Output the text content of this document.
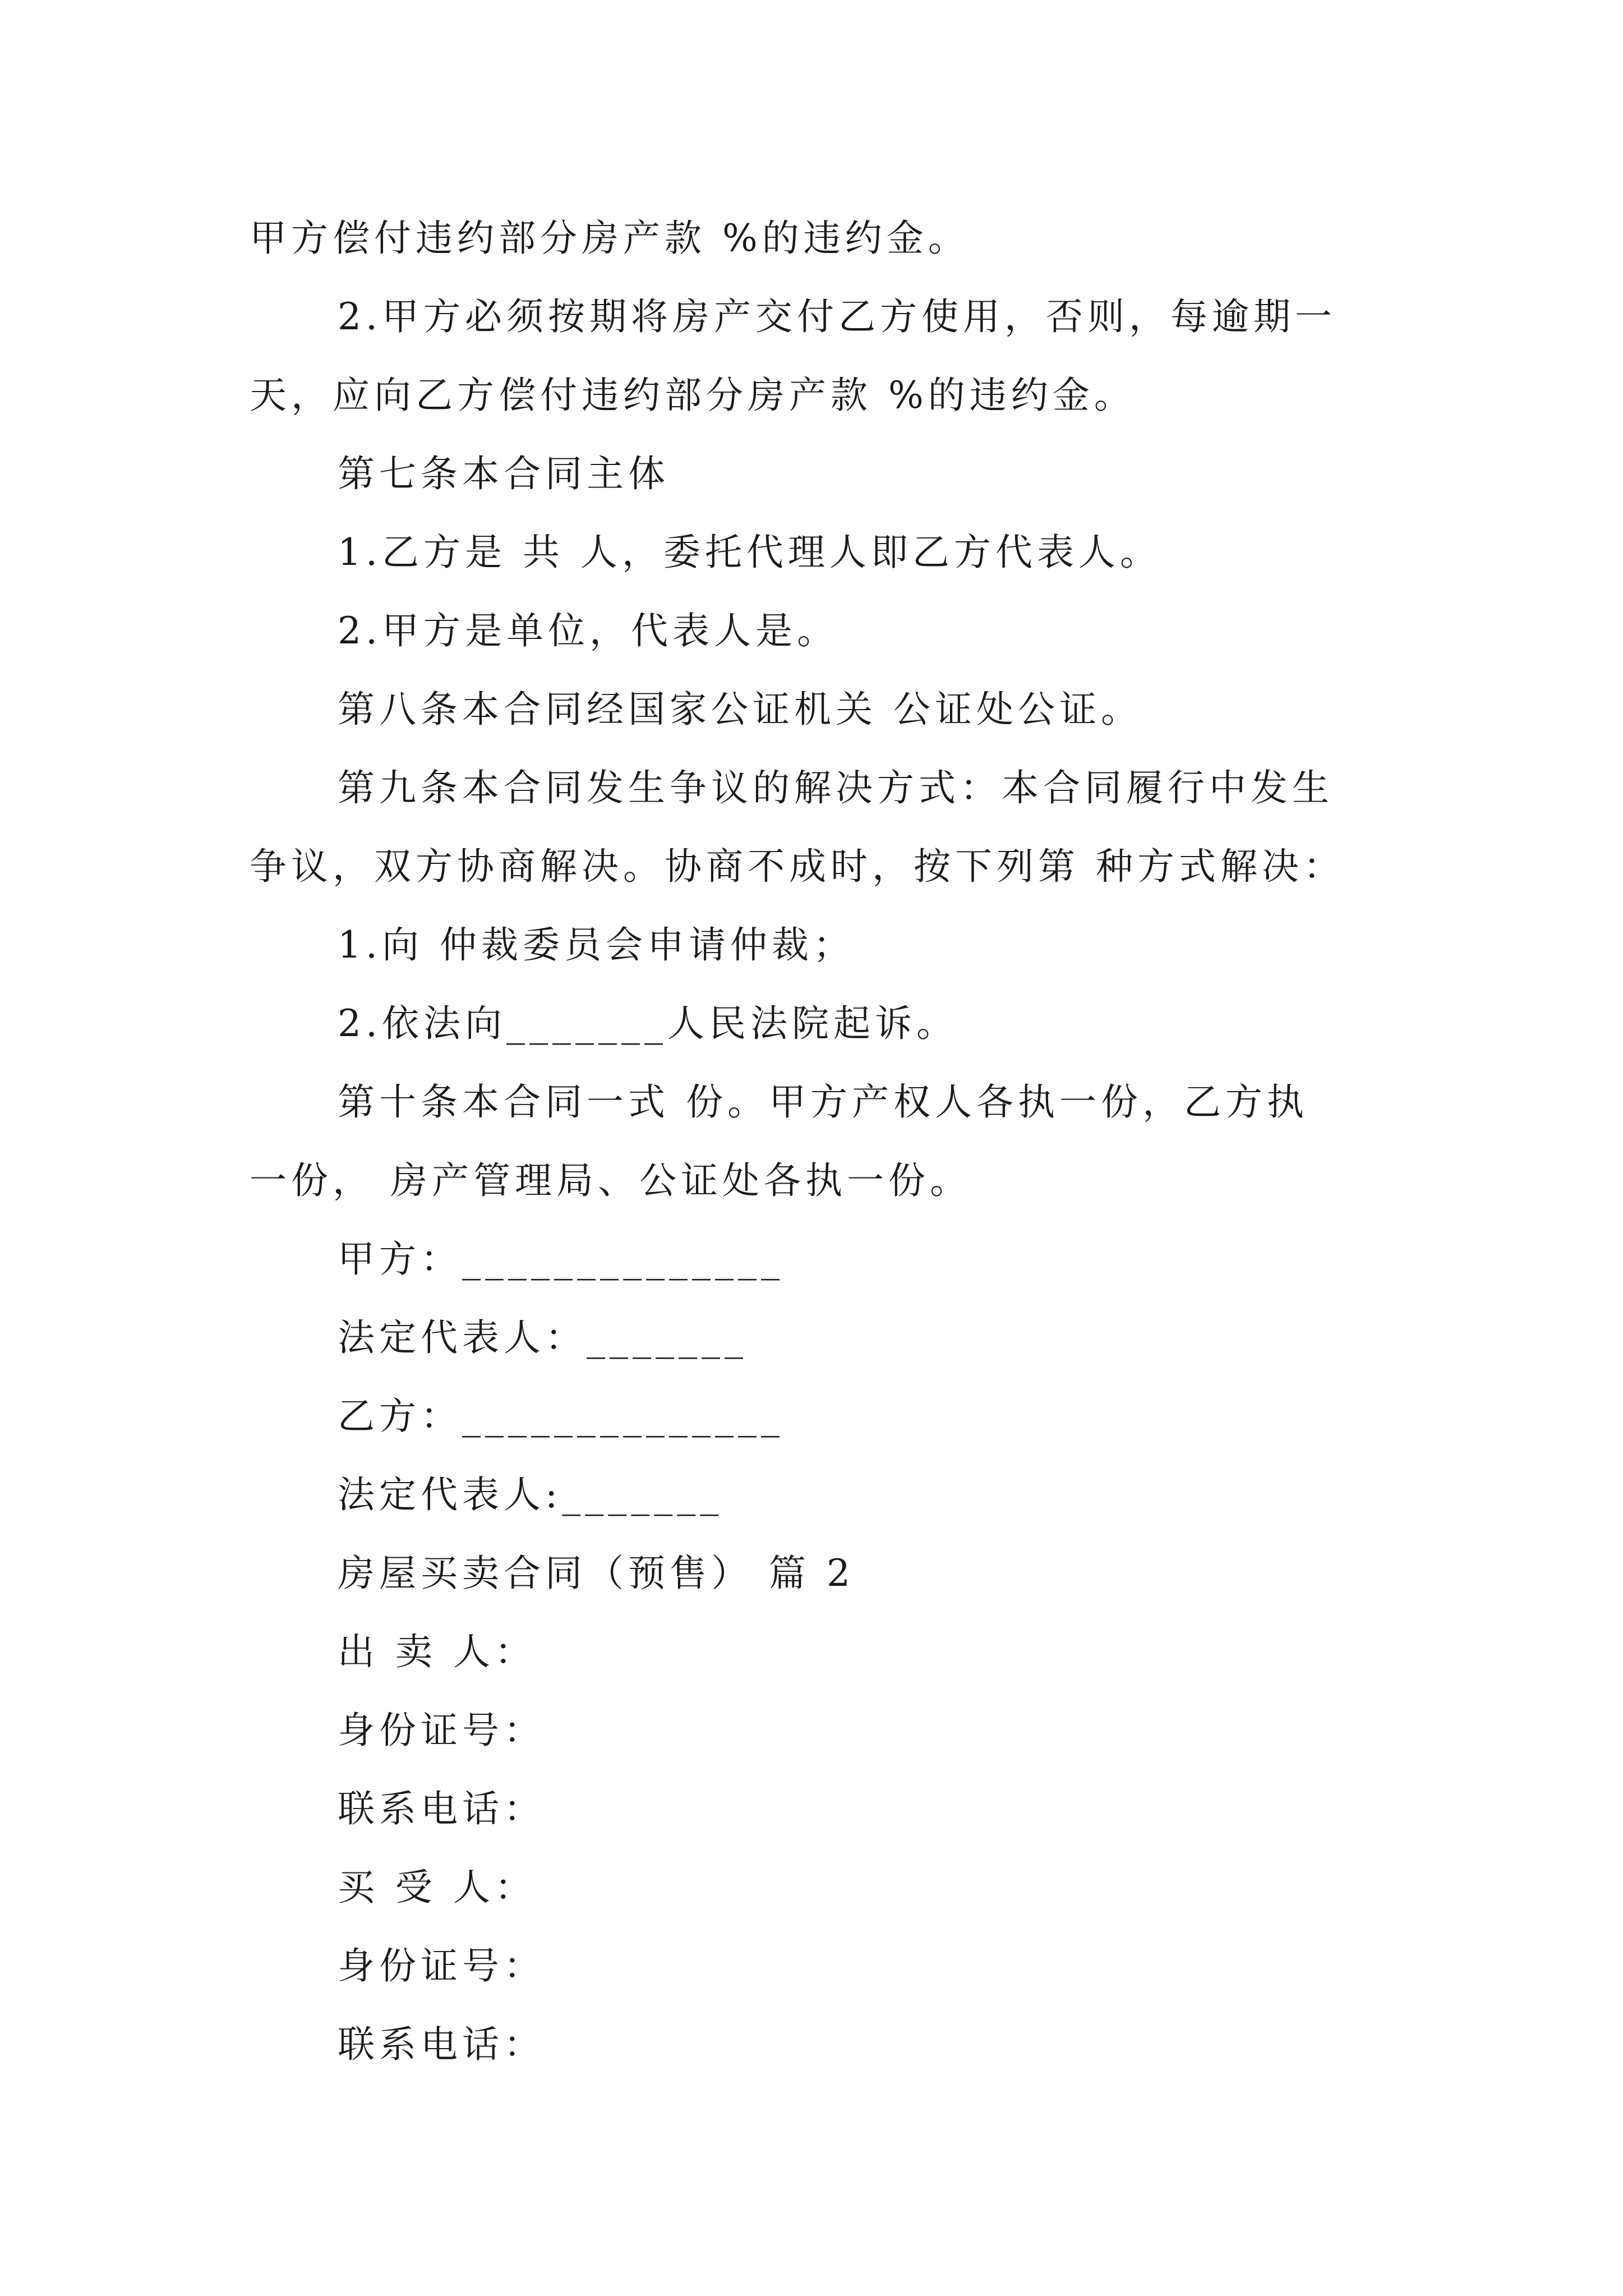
甲方偿付违约部分房产款 %的违约金。

2.甲方必须按期将房产交付乙方使用，否则，每逾期一

天，应向乙方偿付违约部分房产款 %的违约金。

第七条本合同主体

1.乙方是 共 人，委托代理人即乙方代表人。

2.甲方是单位，代表人是。

第八条本合同经国家公证机关 公证处公证。

第九条本合同发生争议的解决方式：本合同履行中发生

争议，双方协商解决。协商不成时，按下列第 种方式解决：

1.向 仲裁委员会申请仲裁；

2.依法向_______人民法院起诉。

第十条本合同一式 份。甲方产权人各执一份，乙方执

一份， 房产管理局、公证处各执一份。

甲方：______________

法定代表人：_______

乙方：______________

法定代表人:_______

房屋买卖合同（预售） 篇 2

出 卖 人：

身份证号：

联系电话：

买 受 人：

身份证号：

联系电话：
